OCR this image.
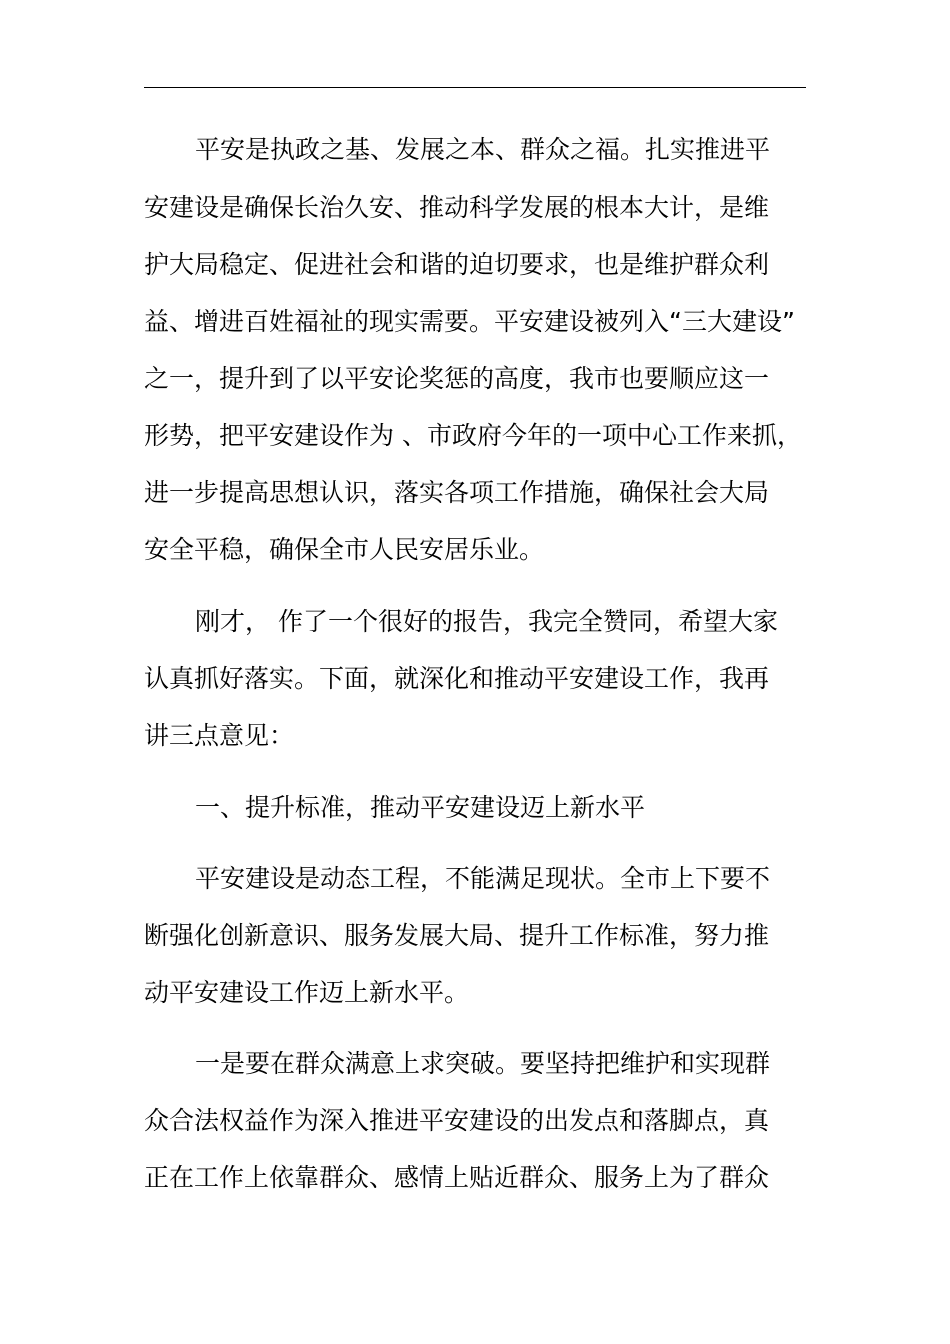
平安是执政之基、发展之本、群众之福。扎实推进平
安建设是确保长治久安、推动科学发展的根本大计，是维
护大局稳定、促进社会和谐的迫切要求，也是维护群众利
益、增进百姓福祉的现实需要。平安建设被列入“三大建设”
之一，提升到了以平安论奖惩的高度，我市也要顺应这一
形势，把平安建设作为 、市政府今年的一项中心工作来抓，
进一步提高思想认识，落实各项工作措施，确保社会大局
安全平稳，确保全市人民安居乐业。
刚才， 作了一个很好的报告，我完全赞同，希望大家
认真抓好落实。下面，就深化和推动平安建设工作，我再
讲三点意见：
一、提升标准，推动平安建设迈上新水平
平安建设是动态工程，不能满足现状。全市上下要不
断强化创新意识、服务发展大局、提升工作标准，努力推
动平安建设工作迈上新水平。
一是要在群众满意上求突破。要坚持把维护和实现群
众合法权益作为深入推进平安建设的出发点和落脚点，真
正在工作上依靠群众、感情上贴近群众、服务上为了群众
